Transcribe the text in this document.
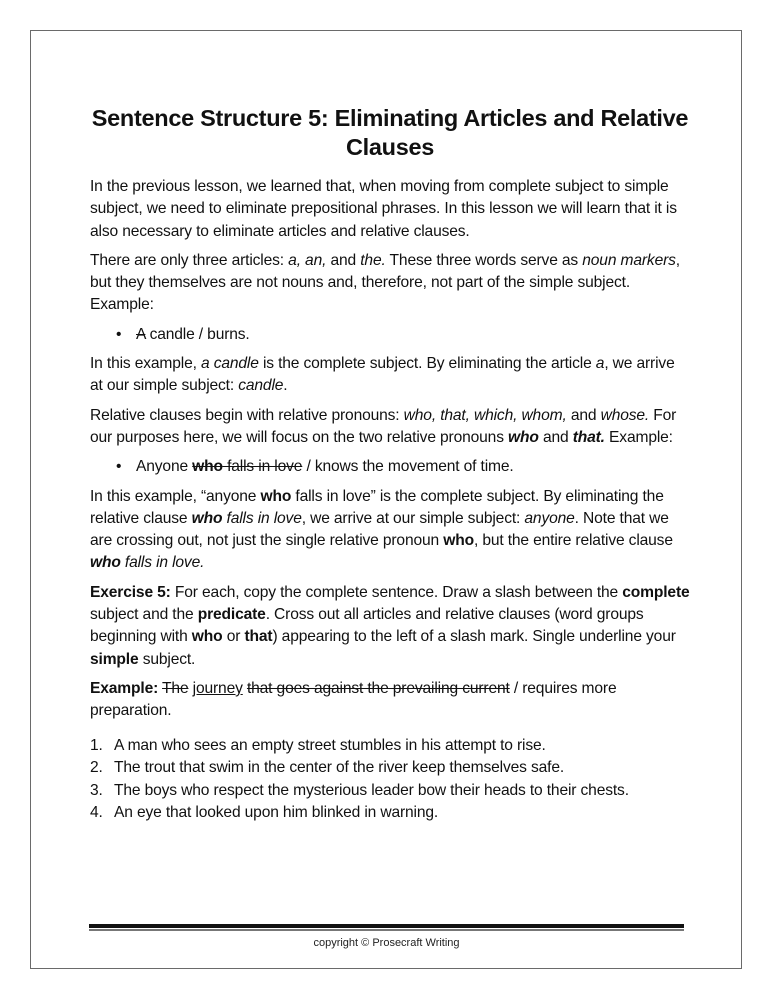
Sentence Structure 5: Eliminating Articles and Relative Clauses

In the previous lesson, we learned that, when moving from complete subject to simple subject, we need to eliminate prepositional phrases. In this lesson we will learn that it is also necessary to eliminate articles and relative clauses.

There are only three articles: a, an, and the. These three words serve as noun markers, but they themselves are not nouns and, therefore, not part of the simple subject. Example:

• A candle / burns.

In this example, a candle is the complete subject. By eliminating the article a, we arrive at our simple subject: candle.

Relative clauses begin with relative pronouns: who, that, which, whom, and whose. For our purposes here, we will focus on the two relative pronouns who and that. Example:

• Anyone who falls in love / knows the movement of time.

In this example, “anyone who falls in love” is the complete subject. By eliminating the relative clause who falls in love, we arrive at our simple subject: anyone. Note that we are crossing out, not just the single relative pronoun who, but the entire relative clause who falls in love.

Exercise 5: For each, copy the complete sentence. Draw a slash between the complete subject and the predicate. Cross out all articles and relative clauses (word groups beginning with who or that) appearing to the left of a slash mark. Single underline your simple subject.

Example: The journey that goes against the prevailing current / requires more preparation.

1. A man who sees an empty street stumbles in his attempt to rise.
2. The trout that swim in the center of the river keep themselves safe.
3. The boys who respect the mysterious leader bow their heads to their chests.
4. An eye that looked upon him blinked in warning.
copyright © Prosecraft Writing
